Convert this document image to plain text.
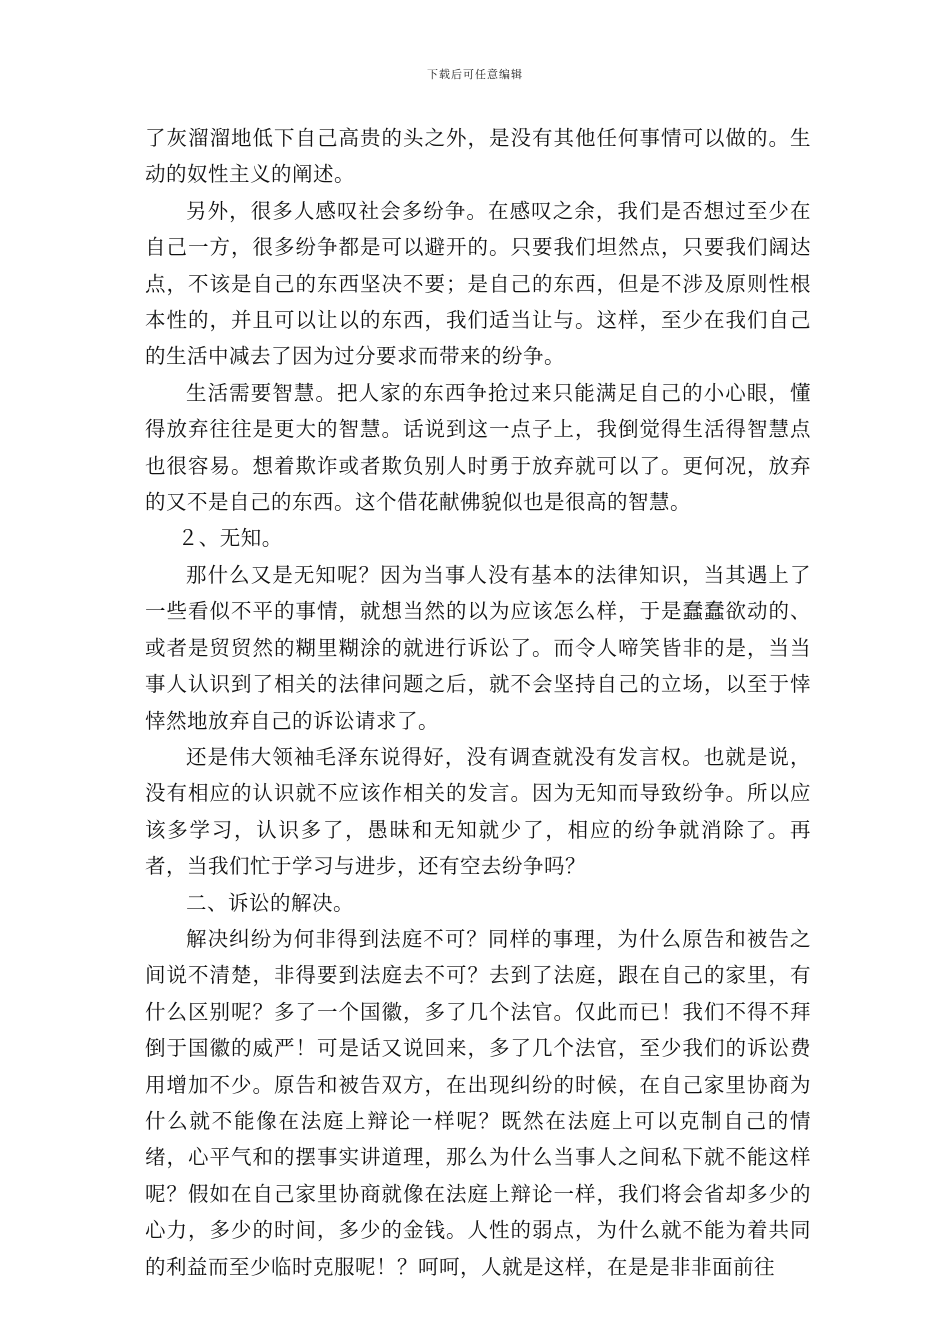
下载后可任意编辑

了灰溜溜地低下自己高贵的头之外，是没有其他任何事情可以做的。生动的奴性主义的阐述。

另外，很多人感叹社会多纷争。在感叹之余，我们是否想过至少在自己一方，很多纷争都是可以避开的。只要我们坦然点，只要我们阔达点，不该是自己的东西坚决不要；是自己的东西，但是不涉及原则性根本性的，并且可以让以的东西，我们适当让与。这样，至少在我们自己的生活中减去了因为过分要求而带来的纷争。

生活需要智慧。把人家的东西争抢过来只能满足自己的小心眼，懂得放弃往往是更大的智慧。话说到这一点子上，我倒觉得生活得智慧点也很容易。想着欺诈或者欺负别人时勇于放弃就可以了。更何况，放弃的又不是自己的东西。这个借花献佛貌似也是很高的智慧。

２、无知。

那什么又是无知呢？因为当事人没有基本的法律知识，当其遇上了一些看似不平的事情，就想当然的以为应该怎么样，于是蠢蠢欲动的、或者是贸贸然的糊里糊涂的就进行诉讼了。而令人啼笑皆非的是，当当事人认识到了相关的法律问题之后，就不会坚持自己的立场，以至于悻悻然地放弃自己的诉讼请求了。

还是伟大领袖毛泽东说得好，没有调查就没有发言权。也就是说，没有相应的认识就不应该作相关的发言。因为无知而导致纷争。所以应该多学习，认识多了，愚昧和无知就少了，相应的纷争就消除了。再者，当我们忙于学习与进步，还有空去纷争吗？

二、诉讼的解决。

解决纠纷为何非得到法庭不可？同样的事理，为什么原告和被告之间说不清楚，非得要到法庭去不可？去到了法庭，跟在自己的家里，有什么区别呢？多了一个国徽，多了几个法官。仅此而已！我们不得不拜倒于国徽的威严！可是话又说回来，多了几个法官，至少我们的诉讼费用增加不少。原告和被告双方，在出现纠纷的时候，在自己家里协商为什么就不能像在法庭上辩论一样呢？既然在法庭上可以克制自己的情绪，心平气和的摆事实讲道理，那么为什么当事人之间私下就不能这样呢？假如在自己家里协商就像在法庭上辩论一样，我们将会省却多少的心力，多少的时间，多少的金钱。人性的弱点，为什么就不能为着共同的利益而至少临时克服呢！？呵呵，人就是这样，在是是非非面前往
